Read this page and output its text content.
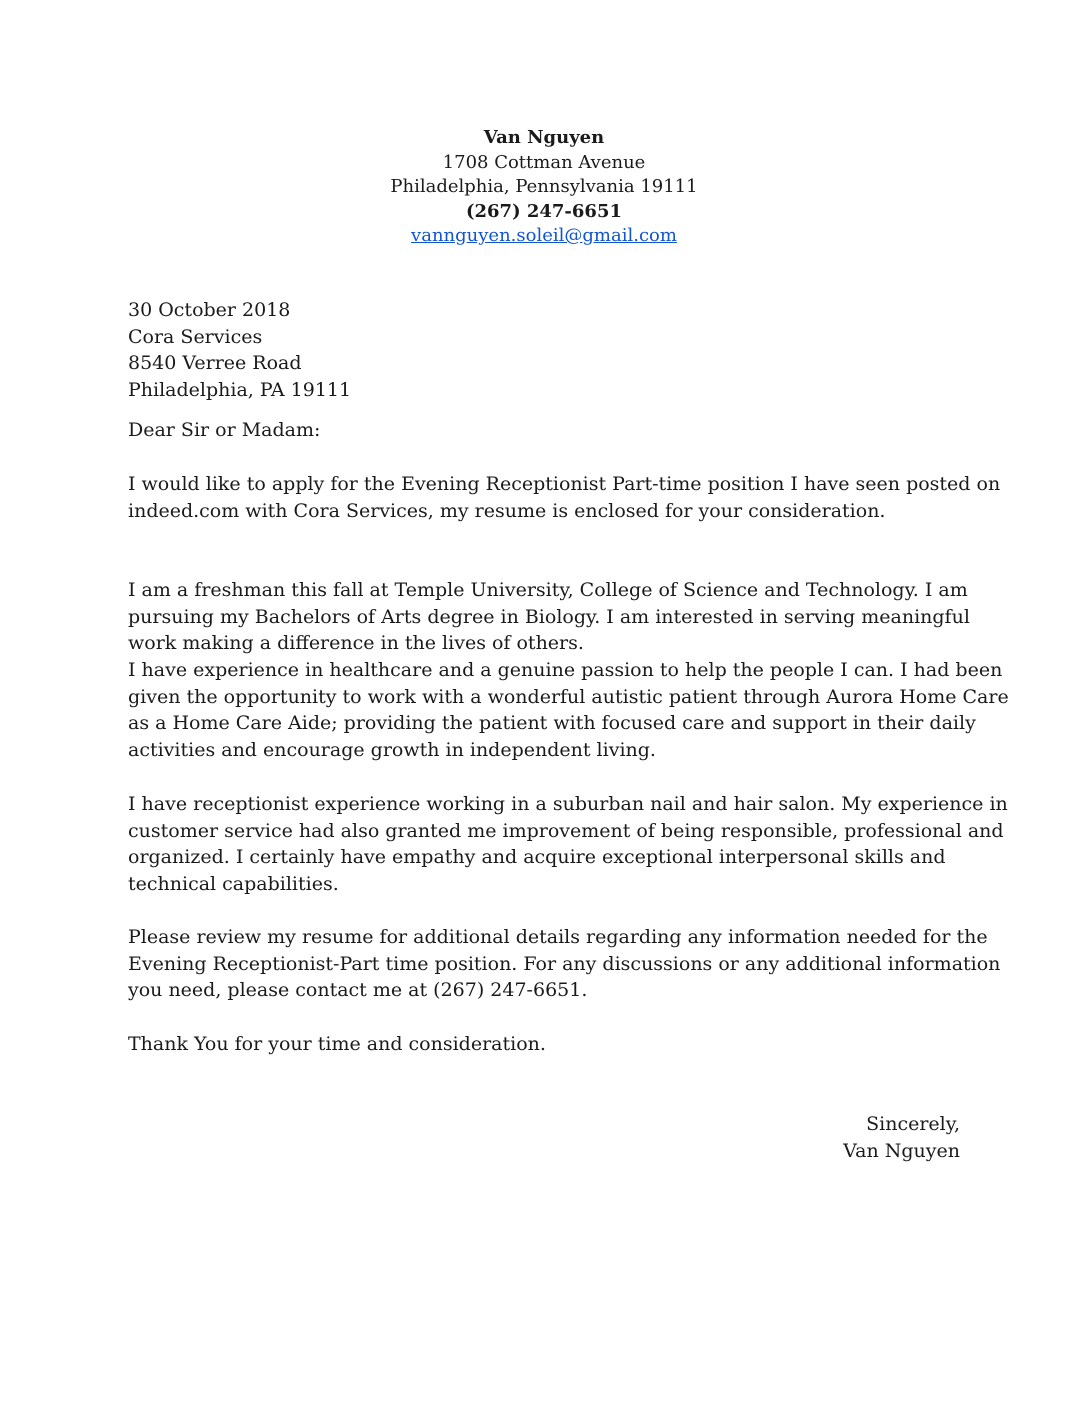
Van Nguyen
1708 Cottman Avenue
Philadelphia, Pennsylvania 19111
(267) 247-6651
vannguyen.soleil@gmail.com
30 October 2018
Cora Services
8540 Verree Road
Philadelphia, PA 19111
Dear Sir or Madam:
I would like to apply for the Evening Receptionist Part-time position I have seen posted on
indeed.com with Cora Services, my resume is enclosed for your consideration.
I am a freshman this fall at Temple University, College of Science and Technology. I am
pursuing my Bachelors of Arts degree in Biology. I am interested in serving meaningful
work making a difference in the lives of others.
I have experience in healthcare and a genuine passion to help the people I can. I had been
given the opportunity to work with a wonderful autistic patient through Aurora Home Care
as a Home Care Aide; providing the patient with focused care and support in their daily
activities and encourage growth in independent living.
I have receptionist experience working in a suburban nail and hair salon. My experience in
customer service had also granted me improvement of being responsible, professional and
organized. I certainly have empathy and acquire exceptional interpersonal skills and
technical capabilities.
Please review my resume for additional details regarding any information needed for the
Evening Receptionist-Part time position. For any discussions or any additional information
you need, please contact me at (267) 247-6651.
Thank You for your time and consideration.
Sincerely,
Van Nguyen
